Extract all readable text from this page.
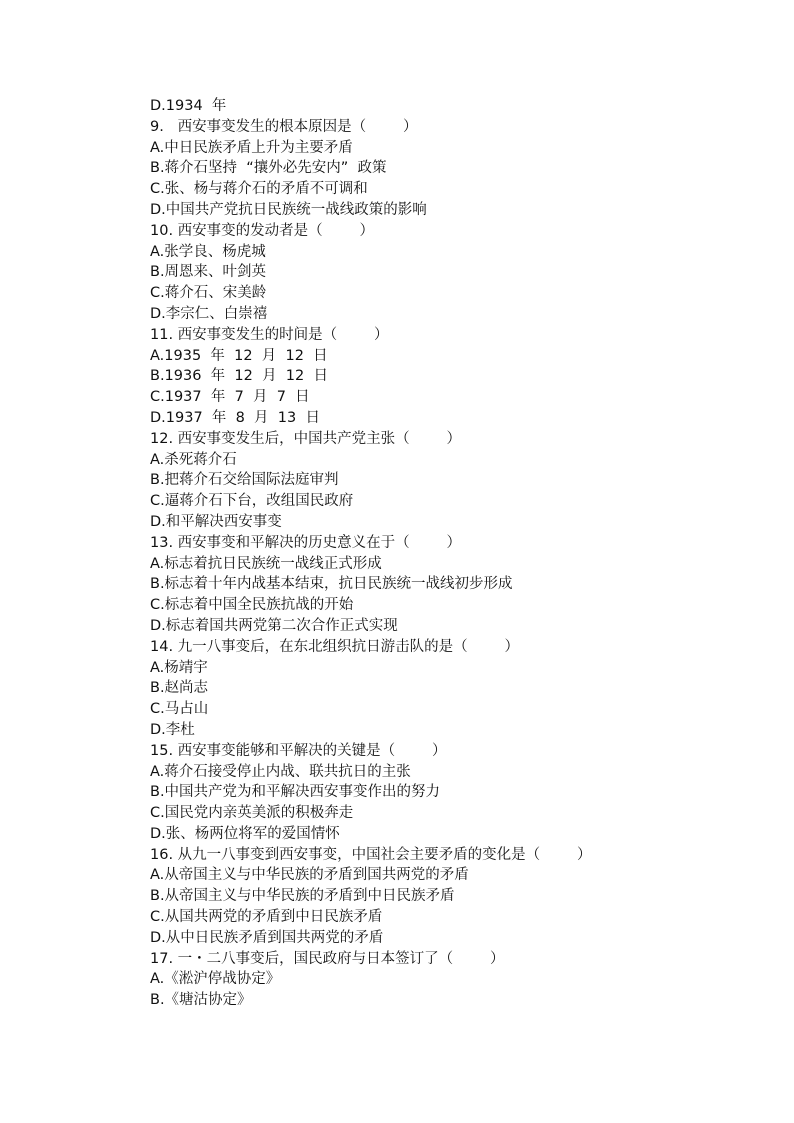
D.1934  年
9.   西安事变发生的根本原因是（        ）
A.中日民族矛盾上升为主要矛盾
B.蒋介石坚持  “攘外必先安内”  政策
C.张、杨与蒋介石的矛盾不可调和
D.中国共产党抗日民族统一战线政策的影响
10. 西安事变的发动者是（        ）
A.张学良、杨虎城
B.周恩来、叶剑英
C.蒋介石、宋美龄
D.李宗仁、白崇禧
11. 西安事变发生的时间是（        ）
A.1935  年  12  月  12  日
B.1936  年  12  月  12  日
C.1937  年  7  月  7  日
D.1937  年  8  月  13  日
12. 西安事变发生后，中国共产党主张（        ）
A.杀死蒋介石
B.把蒋介石交给国际法庭审判
C.逼蒋介石下台，改组国民政府
D.和平解决西安事变
13. 西安事变和平解决的历史意义在于（        ）
A.标志着抗日民族统一战线正式形成
B.标志着十年内战基本结束，抗日民族统一战线初步形成
C.标志着中国全民族抗战的开始
D.标志着国共两党第二次合作正式实现
14. 九一八事变后，在东北组织抗日游击队的是（        ）
A.杨靖宇
B.赵尚志
C.马占山
D.李杜
15. 西安事变能够和平解决的关键是（        ）
A.蒋介石接受停止内战、联共抗日的主张
B.中国共产党为和平解决西安事变作出的努力
C.国民党内亲英美派的积极奔走
D.张、杨两位将军的爱国情怀
16. 从九一八事变到西安事变，中国社会主要矛盾的变化是（        ）
A.从帝国主义与中华民族的矛盾到国共两党的矛盾
B.从帝国主义与中华民族的矛盾到中日民族矛盾
C.从国共两党的矛盾到中日民族矛盾
D.从中日民族矛盾到国共两党的矛盾
17. 一・二八事变后，国民政府与日本签订了（        ）
A.《淞沪停战协定》
B.《塘沽协定》
